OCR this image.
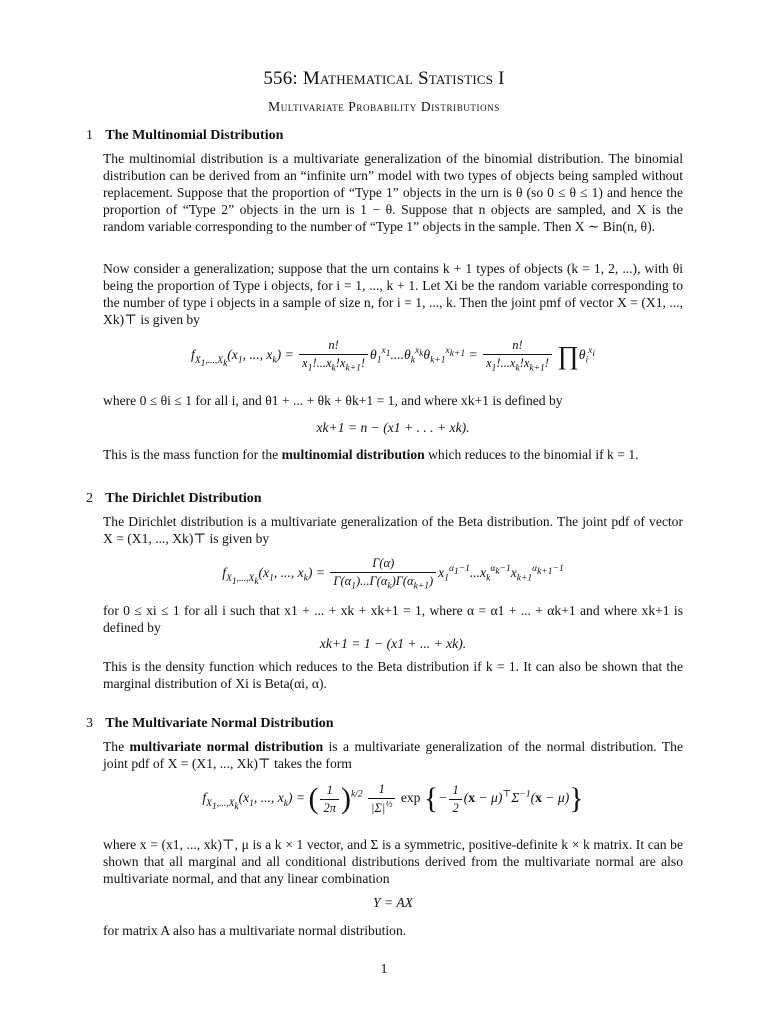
556: Mathematical Statistics I
Multivariate Probability Distributions
1 The Multinomial Distribution
The multinomial distribution is a multivariate generalization of the binomial distribution. The binomial distribution can be derived from an “infinite urn” model with two types of objects being sampled without replacement. Suppose that the proportion of “Type 1” objects in the urn is θ (so 0 ≤ θ ≤ 1) and hence the proportion of “Type 2” objects in the urn is 1 − θ. Suppose that n objects are sampled, and X is the random variable corresponding to the number of “Type 1” objects in the sample. Then X ∼ Bin(n, θ).
Now consider a generalization; suppose that the urn contains k + 1 types of objects (k = 1, 2, ...), with θi being the proportion of Type i objects, for i = 1, ..., k + 1. Let Xi be the random variable corresponding to the number of type i objects in a sample of size n, for i = 1, ..., k. Then the joint pmf of vector X = (X1, ..., Xk)⊤ is given by
$f_{X_1,...,X_k}(x_1$, ..., $x_k) = \frac{n!}{x_1!...x_k!x_{k+1}!} \theta_1^{x_1}....\theta_k^{x_k}\theta_{k+1}^{x_{k+1}} = \frac{n!}{x_1!...x_k!x_{k+1}!}$ $\prod\theta_i^{x_i}$
where 0 ≤ θi ≤ 1 for all i, and θ1 + ... + θk + θk+1 = 1, and where xk+1 is defined by
xk+1 = n − (x1 + . . . + xk).
This is the mass function for the multinomial distribution which reduces to the binomial if k = 1.
2 The Dirichlet Distribution
The Dirichlet distribution is a multivariate generalization of the Beta distribution. The joint pdf of vector X = (X1, ..., Xk)⊤ is given by
$f_{X_1,...,X_k}(x_1$, ..., $x_k) = \frac{\Gamma(\alpha)}{\Gamma(\alpha_1)...\Gamma(\alpha_k)\Gamma(\alpha_{k+1})} x_1^{\alpha_1-1}...x_k^{\alpha_k-1}x_{k+1}^{\alpha_{k+1}-1}$
for 0 ≤ xi ≤ 1 for all i such that x1 + ... + xk + xk+1 = 1, where α = α1 + ... + αk+1 and where xk+1 is defined by
xk+1 = 1 − (x1 + ... + xk).
This is the density function which reduces to the Beta distribution if k = 1. It can also be shown that the marginal distribution of Xi is Beta(αi, α).
3 The Multivariate Normal Distribution
The multivariate normal distribution is a multivariate generalization of the normal distribution. The joint pdf of X = (X1, ..., Xk)⊤ takes the form
$f_{X_1,...,X_k}(x_1$, ..., $x_k$) = ( $\frac{1}{2\pi} )^{k/2} \frac{1}{|\Sigma|^{\frac{1}{2}}}$ exp {− $\frac{1}{2} (x - \mu)^⊤\Sigma^{-1}(x - \mu)$}
where x = (x1, ..., xk)⊤, μ is a k × 1 vector, and Σ is a symmetric, positive-definite k × k matrix. It can be shown that all marginal and all conditional distributions derived from the multivariate normal are also multivariate normal, and that any linear combination
Y = AX
for matrix A also has a multivariate normal distribution.
1
